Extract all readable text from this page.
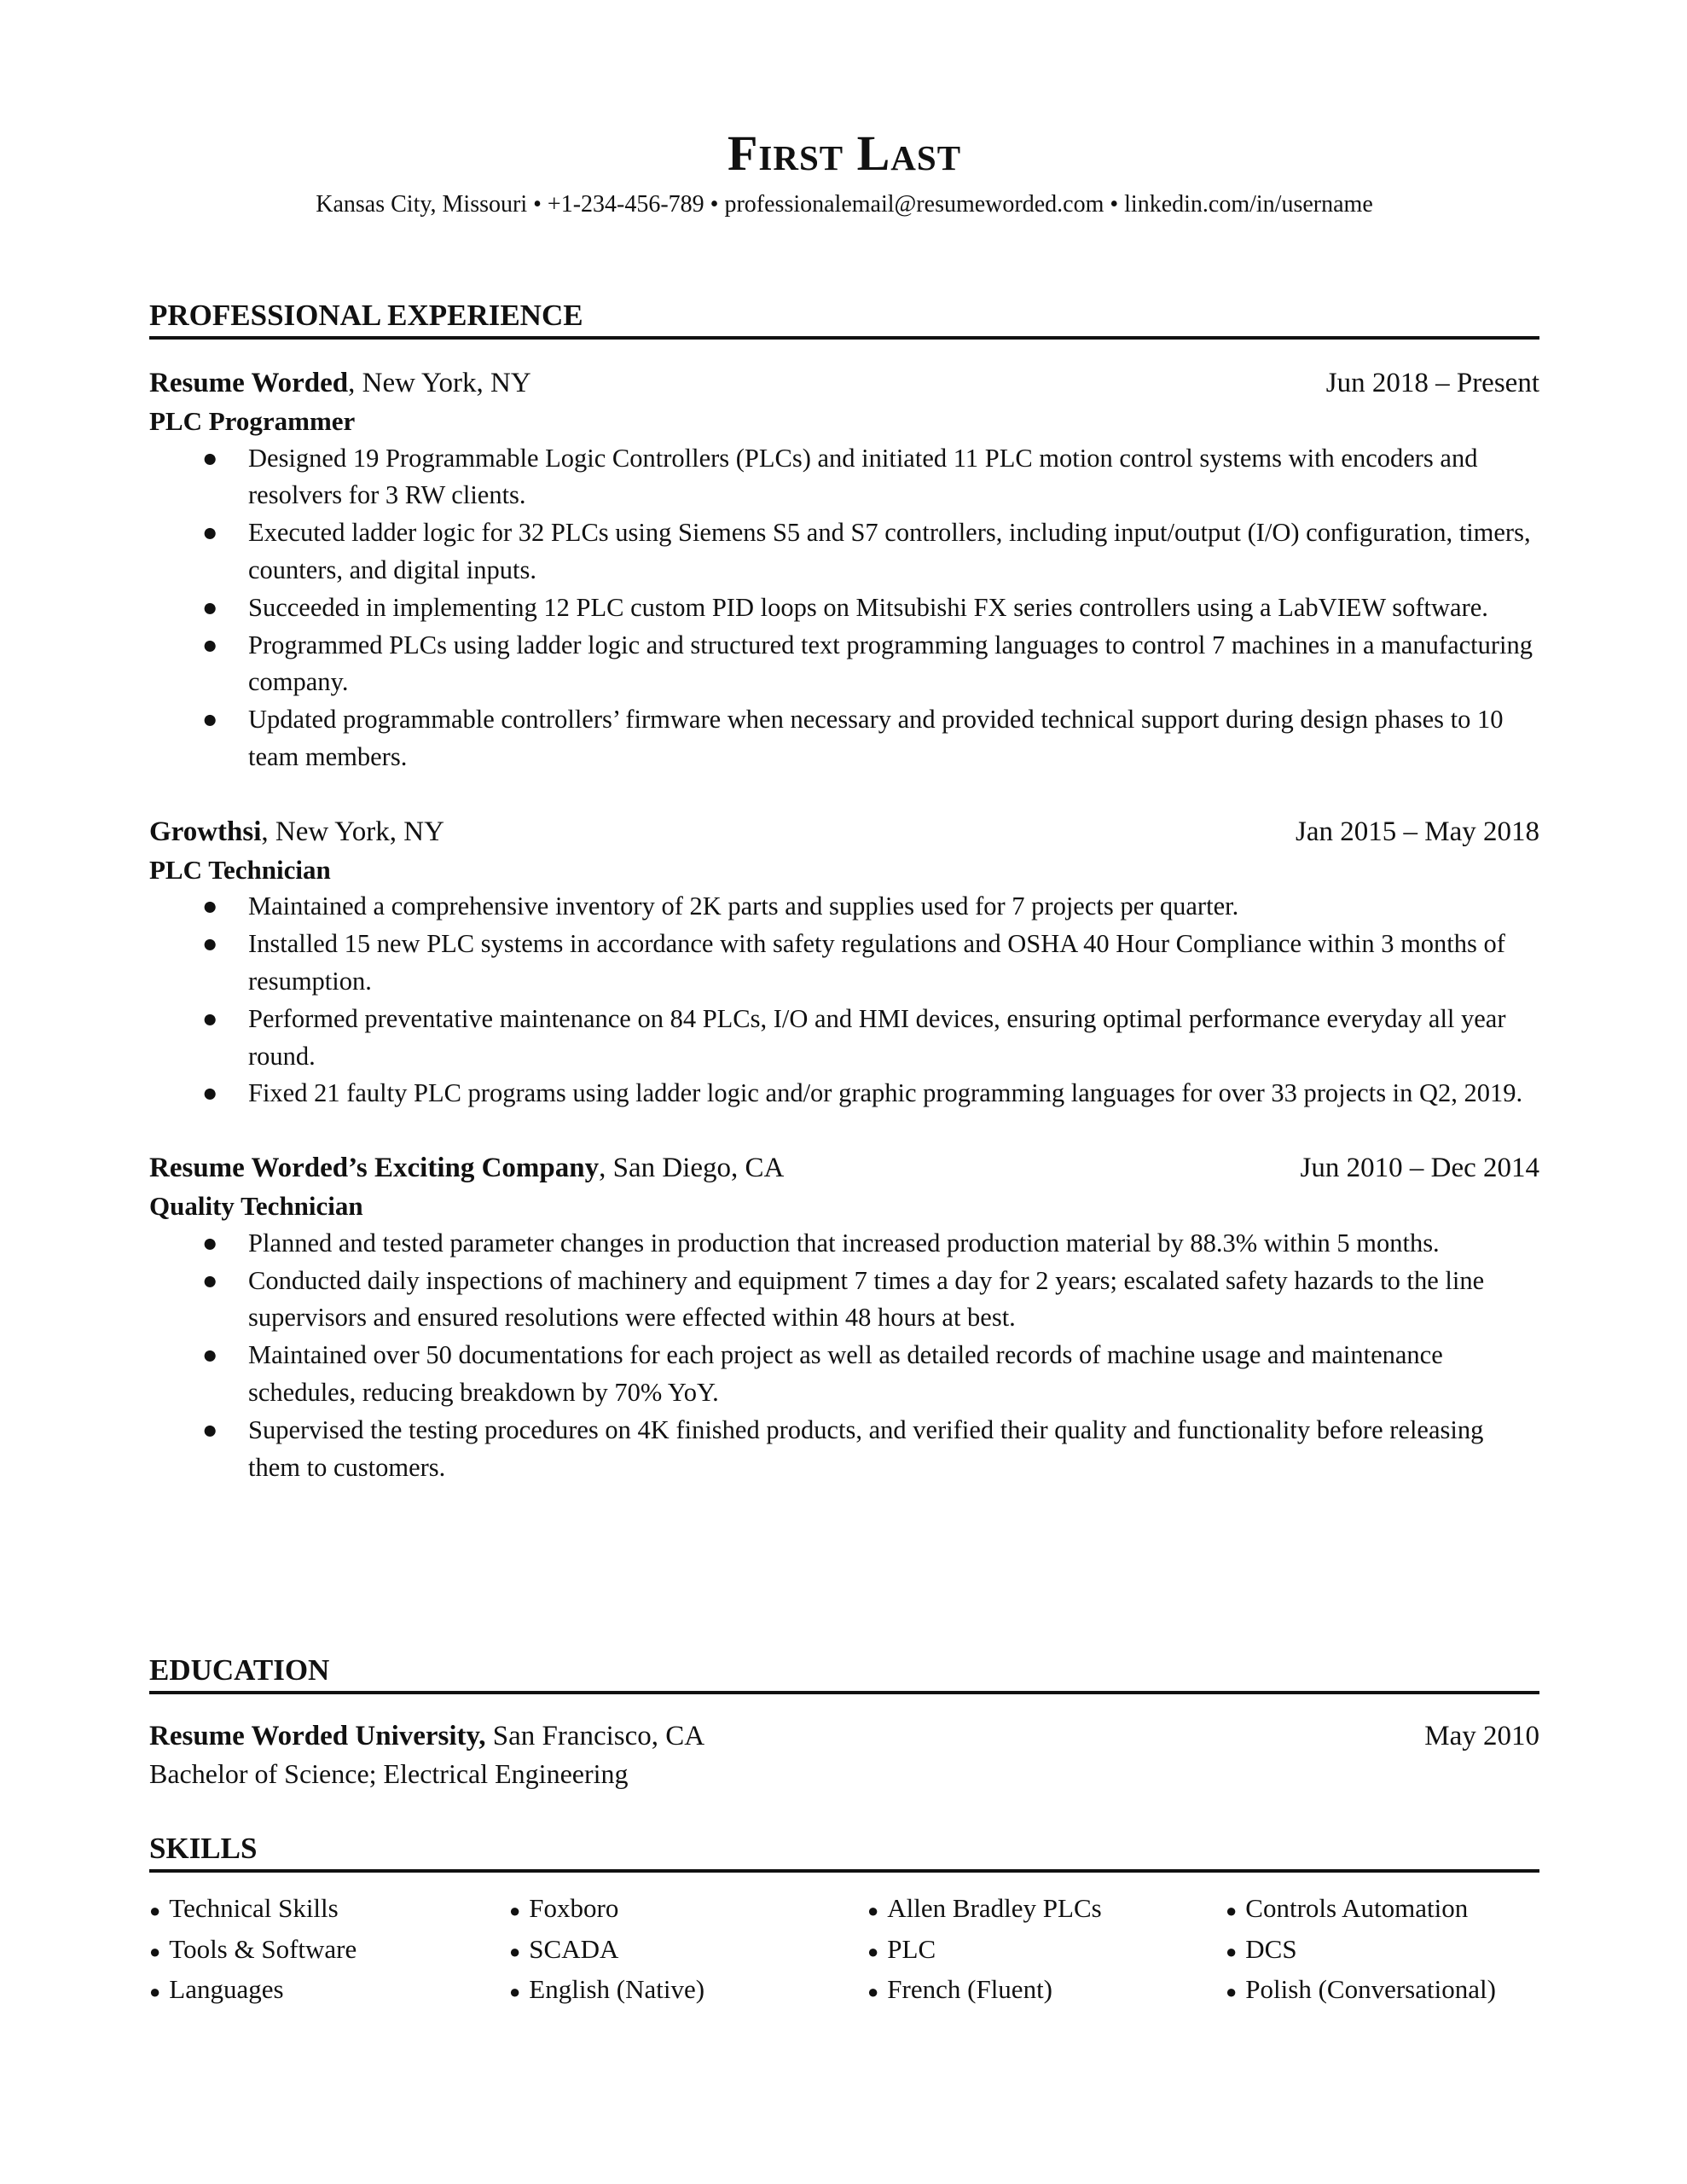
First Last
Kansas City, Missouri • +1-234-456-789 • professionalemail@resumeworded.com • linkedin.com/in/username
PROFESSIONAL EXPERIENCE
Resume Worded, New York, NY	Jun 2018 – Present
PLC Programmer
● Designed 19 Programmable Logic Controllers (PLCs) and initiated 11 PLC motion control systems with encoders and resolvers for 3 RW clients.
● Executed ladder logic for 32 PLCs using Siemens S5 and S7 controllers, including input/output (I/O) configuration, timers, counters, and digital inputs.
● Succeeded in implementing 12 PLC custom PID loops on Mitsubishi FX series controllers using a LabVIEW software.
● Programmed PLCs using ladder logic and structured text programming languages to control 7 machines in a manufacturing company.
● Updated programmable controllers’ firmware when necessary and provided technical support during design phases to 10 team members.
Growthsi, New York, NY	Jan 2015 – May 2018
PLC Technician
● Maintained a comprehensive inventory of 2K parts and supplies used for 7 projects per quarter.
● Installed 15 new PLC systems in accordance with safety regulations and OSHA 40 Hour Compliance within 3 months of resumption.
● Performed preventative maintenance on 84 PLCs, I/O and HMI devices, ensuring optimal performance everyday all year round.
● Fixed 21 faulty PLC programs using ladder logic and/or graphic programming languages for over 33 projects in Q2, 2019.
Resume Worded’s Exciting Company, San Diego, CA	Jun 2010 – Dec 2014
Quality Technician
● Planned and tested parameter changes in production that increased production material by 88.3% within 5 months.
● Conducted daily inspections of machinery and equipment 7 times a day for 2 years; escalated safety hazards to the line supervisors and ensured resolutions were effected within 48 hours at best.
● Maintained over 50 documentations for each project as well as detailed records of machine usage and maintenance schedules, reducing breakdown by 70% YoY.
● Supervised the testing procedures on 4K finished products, and verified their quality and functionality before releasing them to customers.
EDUCATION
Resume Worded University, San Francisco, CA	May 2010
Bachelor of Science; Electrical Engineering
SKILLS
● Technical Skills	● Foxboro	● Allen Bradley PLCs	● Controls Automation
● Tools & Software	● SCADA	● PLC	● DCS
● Languages	● English (Native)	● French (Fluent)	● Polish (Conversational)
